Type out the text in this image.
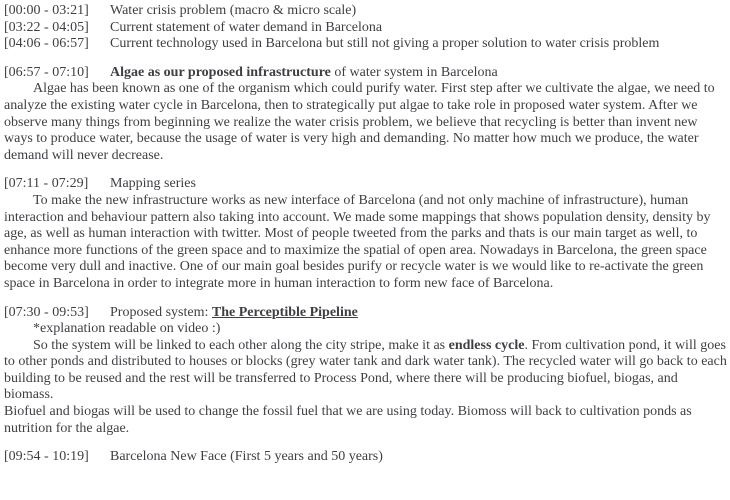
[00:00 - 03:21] Water crisis problem (macro & micro scale)
[03:22 - 04:05] Current statement of water demand in Barcelona
[04:06 - 06:57] Current technology used in Barcelona but still not giving a proper solution to water crisis problem
[06:57 - 07:10] Algae as our proposed infrastructure of water system in Barcelona

Algae has been known as one of the organism which could purify water. First step after we cultivate the algae, we need to analyze the existing water cycle in Barcelona, then to strategically put algae to take role in proposed water system. After we observe many things from beginning we realize the water crisis problem, we believe that recycling is better than invent new ways to produce water, because the usage of water is very high and demanding. No matter how much we produce, the water demand will never decrease.

[07:11 - 07:29] Mapping series

To make the new infrastructure works as new interface of Barcelona (and not only machine of infrastructure), human interaction and behaviour pattern also taking into account. We made some mappings that shows population density, density by age, as well as human interaction with twitter. Most of people tweeted from the parks and thats is our main target as well, to enhance more functions of the green space and to maximize the spatial of open area. Nowadays in Barcelona, the green space become very dull and inactive. One of our main goal besides purify or recycle water is we would like to re-activate the green space in Barcelona in order to integrate more in human interaction to form new face of Barcelona.

[07:30 - 09:53] Proposed system: The Perceptible Pipeline
*explanation readable on video :)

So the system will be linked to each other along the city stripe, make it as endless cycle. From cultivation pond, it will goes to other ponds and distributed to houses or blocks (grey water tank and dark water tank). The recycled water will go back to each building to be reused and the rest will be transferred to Process Pond, where there will be producing biofuel, biogas, and biomass.

Biofuel and biogas will be used to change the fossil fuel that we are using today. Biomoss will back to cultivation ponds as nutrition for the algae.

[09:54 - 10:19] Barcelona New Face (First 5 years and 50 years)
